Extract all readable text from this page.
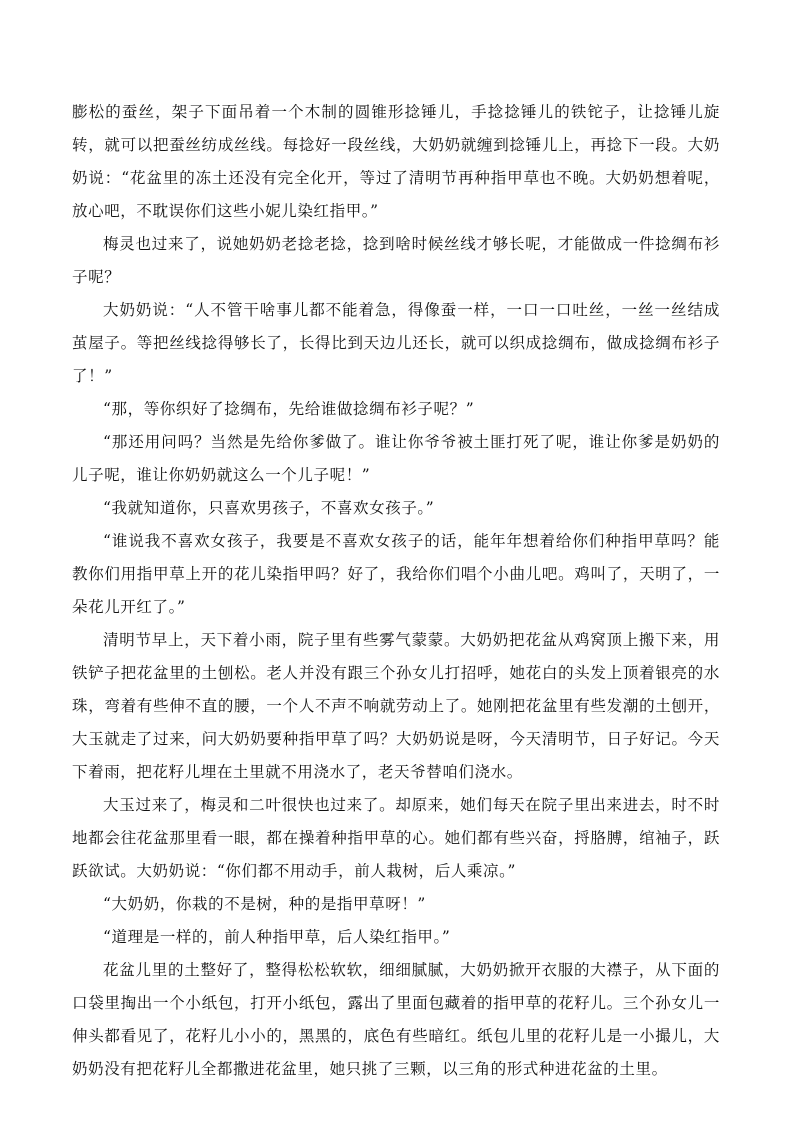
膨松的蚕丝，架子下面吊着一个木制的圆锥形捻锤儿，手捻捻锤儿的铁铊子，让捻锤儿旋转，就可以把蚕丝纺成丝线。每捻好一段丝线，大奶奶就缠到捻锤儿上，再捻下一段。大奶奶说：“花盆里的冻土还没有完全化开，等过了清明节再种指甲草也不晚。大奶奶想着呢，放心吧，不耽误你们这些小妮儿染红指甲。”

梅灵也过来了，说她奶奶老捻老捻，捻到啥时候丝线才够长呢，才能做成一件捻绸布衫子呢？

大奶奶说：“人不管干啥事儿都不能着急，得像蚕一样，一口一口吐丝，一丝一丝结成茧屋子。等把丝线捻得够长了，长得比到天边儿还长，就可以织成捻绸布，做成捻绸布衫子了！”

“那，等你织好了捻绸布，先给谁做捻绸布衫子呢？”

“那还用问吗？当然是先给你爹做了。谁让你爷爷被土匪打死了呢，谁让你爹是奶奶的儿子呢，谁让你奶奶就这么一个儿子呢！”

“我就知道你，只喜欢男孩子，不喜欢女孩子。”

“谁说我不喜欢女孩子，我要是不喜欢女孩子的话，能年年想着给你们种指甲草吗？能教你们用指甲草上开的花儿染指甲吗？好了，我给你们唱个小曲儿吧。鸡叫了，天明了，一朵花儿开红了。”

清明节早上，天下着小雨，院子里有些雾气蒙蒙。大奶奶把花盆从鸡窝顶上搬下来，用铁铲子把花盆里的土刨松。老人并没有跟三个孙女儿打招呼，她花白的头发上顶着银亮的水珠，弯着有些伸不直的腰，一个人不声不响就劳动上了。她刚把花盆里有些发潮的土刨开，大玉就走了过来，问大奶奶要种指甲草了吗？大奶奶说是呀，今天清明节，日子好记。今天下着雨，把花籽儿埋在土里就不用浇水了，老天爷替咱们浇水。

大玉过来了，梅灵和二叶很快也过来了。却原来，她们每天在院子里出来进去，时不时地都会往花盆那里看一眼，都在操着种指甲草的心。她们都有些兴奋，捋胳膊，绾袖子，跃跃欲试。大奶奶说：“你们都不用动手，前人栽树，后人乘凉。”

“大奶奶，你栽的不是树，种的是指甲草呀！”

“道理是一样的，前人种指甲草，后人染红指甲。”

花盆儿里的土整好了，整得松松软软，细细腻腻，大奶奶掀开衣服的大襟子，从下面的口袋里掏出一个小纸包，打开小纸包，露出了里面包藏着的指甲草的花籽儿。三个孙女儿一伸头都看见了，花籽儿小小的，黑黑的，底色有些暗红。纸包儿里的花籽儿是一小撮儿，大奶奶没有把花籽儿全都撒进花盆里，她只挑了三颗，以三角的形式种进花盆的土里。
